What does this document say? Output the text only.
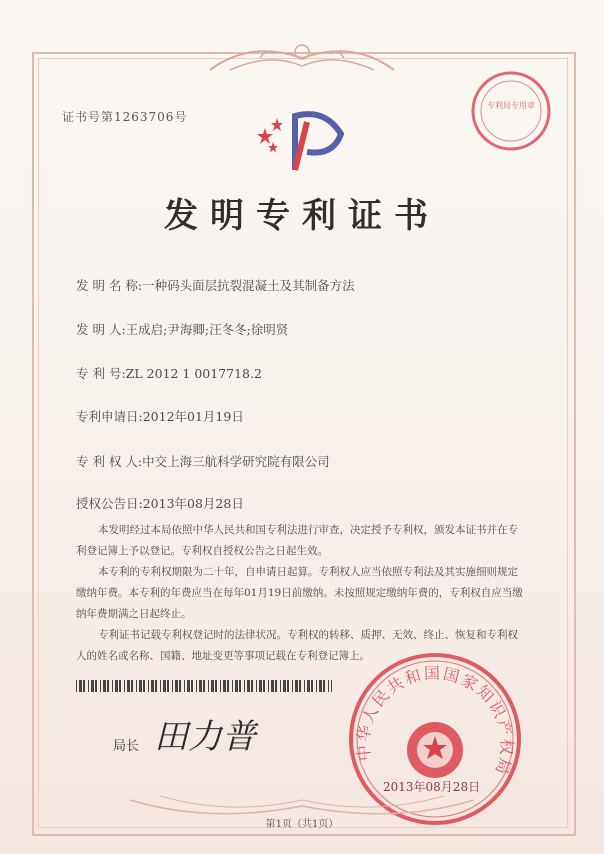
证书号第1263706号
专利局专用章
发明专利证书
发 明 名 称:一种码头面层抗裂混凝土及其制备方法
发 明 人:王成启;尹海卿;汪冬冬;徐明贤
专 利 号:ZL 2012 1 0017718.2
专利申请日:2012年01月19日
专 利 权 人:中交上海三航科学研究院有限公司
授权公告日:2013年08月28日

本发明经过本局依照中华人民共和国专利法进行审查，决定授予专利权，颁发本证书并在专利登记簿上予以登记。专利权自授权公告之日起生效。

本专利的专利权期限为二十年，自申请日起算。专利权人应当依照专利法及其实施细则规定缴纳年费。本专利的年费应当在每年01月19日前缴纳。未按照规定缴纳年费的，专利权自应当缴纳年费期满之日起终止。

专利证书记载专利权登记时的法律状况。专利权的转移、质押、无效、终止、恢复和专利权人的姓名或名称、国籍、地址变更等事项记载在专利登记簿上。

局长 田力普	中华人民共和国国家知识产权局
2013年08月28日
第1页（共1页）
